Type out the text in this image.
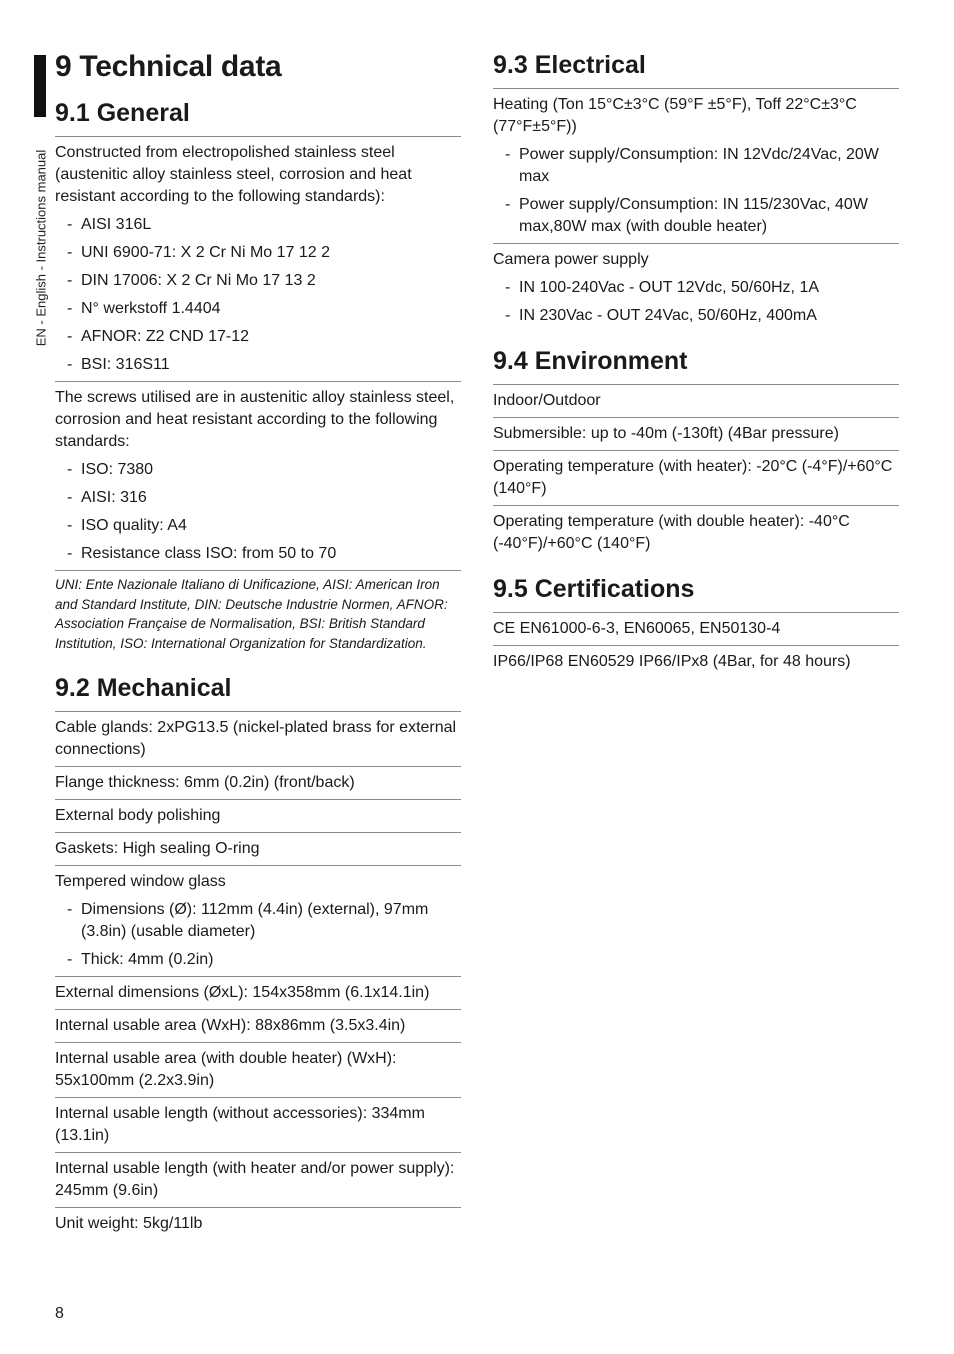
EN - English - Instructions manual
9 Technical data
9.1 General

Constructed from electropolished stainless steel (austenitic alloy stainless steel, corrosion and heat resistant according to the following standards):

- AISI 316L
- UNI 6900-71: X 2 Cr Ni Mo 17 12 2
- DIN 17006: X 2 Cr Ni Mo 17 13 2
- N° werkstoff 1.4404
- AFNOR: Z2 CND 17-12
- BSI: 316S11

The screws utilised are in austenitic alloy stainless steel, corrosion and heat resistant according to the following standards:

- ISO: 7380
- AISI: 316
- ISO quality: A4
- Resistance class ISO: from 50 to 70
UNI: Ente Nazionale Italiano di Unificazione, AISI: American Iron and Standard Institute, DIN: Deutsche Industrie Normen, AFNOR: Association Française de Normalisation, BSI: British Standard Institution, ISO: International Organization for Standardization.
9.2 Mechanical
Cable glands: 2xPG13.5 (nickel-plated brass for external connections)
Flange thickness: 6mm (0.2in) (front/back)
External body polishing
Gaskets: High sealing O-ring

Tempered window glass

- Dimensions (Ø): 112mm (4.4in) (external), 97mm (3.8in) (usable diameter)
- Thick: 4mm (0.2in)
External dimensions (ØxL): 154x358mm (6.1x14.1in)
Internal usable area (WxH): 88x86mm (3.5x3.4in)
Internal usable area (with double heater) (WxH): 55x100mm (2.2x3.9in)
Internal usable length (without accessories): 334mm (13.1in)
Internal usable length (with heater and/or power supply): 245mm (9.6in)
Unit weight: 5kg/11lb
9.3 Electrical

Heating (Ton 15°C±3°C (59°F ±5°F), Toff 22°C±3°C (77°F±5°F))

- Power supply/Consumption: IN 12Vdc/24Vac, 20W max
- Power supply/Consumption: IN 115/230Vac, 40W max,80W max (with double heater)

Camera power supply

- IN 100-240Vac - OUT 12Vdc, 50/60Hz, 1A
- IN 230Vac - OUT 24Vac, 50/60Hz, 400mA
9.4 Environment
Indoor/Outdoor
Submersible: up to -40m (-130ft) (4Bar pressure)
Operating temperature (with heater): -20°C (-4°F)/+60°C (140°F)
Operating temperature (with double heater): -40°C (-40°F)/+60°C (140°F)
9.5 Certifications
CE EN61000-6-3, EN60065, EN50130-4
IP66/IP68 EN60529 IP66/IPx8 (4Bar, for 48 hours)
8
